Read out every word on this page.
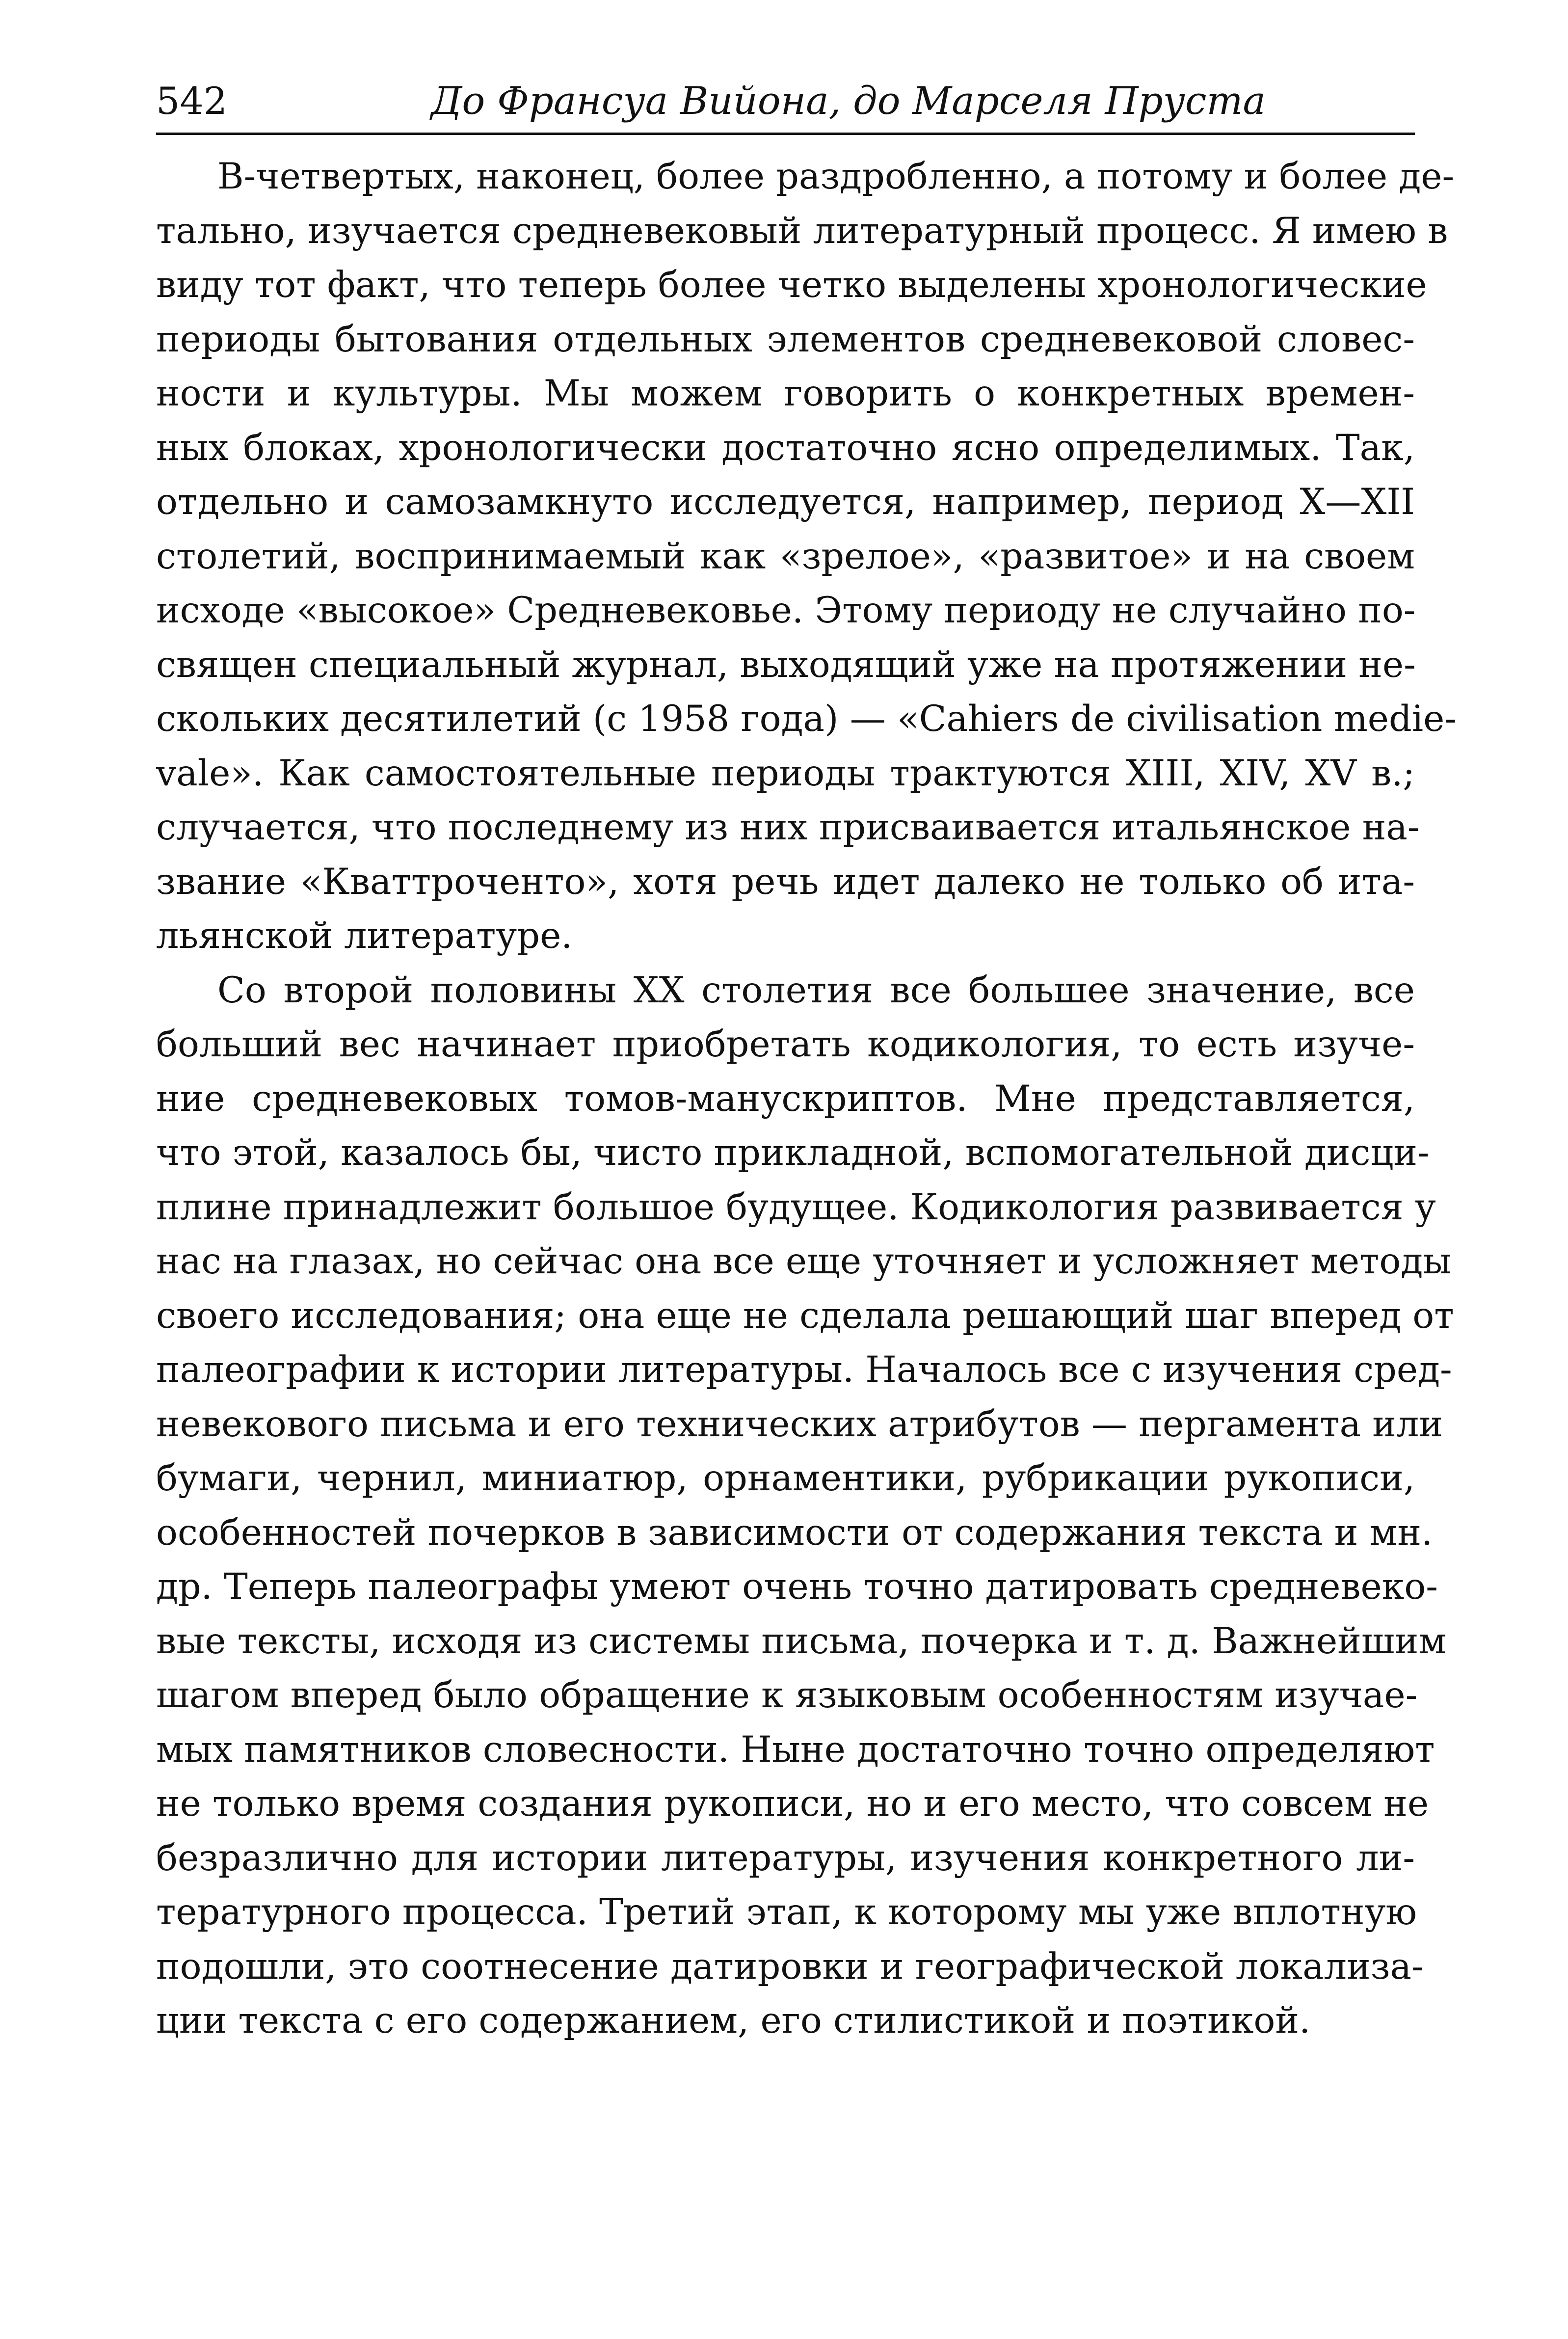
542	До Франсуа Вийона, до Марселя Пруста
В-четвертых, наконец, более раздробленно, а потому и более де-
тально, изучается средневековый литературный процесс. Я имею в
виду тот факт, что теперь более четко выделены хронологические
периоды бытования отдельных элементов средневековой словес-
ности и культуры. Мы можем говорить о конкретных времен-
ных блоках, хронологически достаточно ясно определимых. Так,
отдельно и самозамкнуто исследуется, например, период X—XII
столетий, воспринимаемый как «зрелое», «развитое» и на своем
исходе «высокое» Средневековье. Этому периоду не случайно по-
священ специальный журнал, выходящий уже на протяжении не-
скольких десятилетий (с 1958 года) — «Cahiers de civilisation medie-
vale». Как самостоятельные периоды трактуются XIII, XIV, XV в.;
случается, что последнему из них присваивается итальянское на-
звание «Кваттроченто», хотя речь идет далеко не только об ита-
льянской литературе.
Со второй половины XX столетия все большее значение, все
больший вес начинает приобретать кодикология, то есть изуче-
ние средневековых томов-манускриптов. Мне представляется,
что этой, казалось бы, чисто прикладной, вспомогательной дисци-
плине принадлежит большое будущее. Кодикология развивается у
нас на глазах, но сейчас она все еще уточняет и усложняет методы
своего исследования; она еще не сделала решающий шаг вперед от
палеографии к истории литературы. Началось все с изучения сред-
невекового письма и его технических атрибутов — пергамента или
бумаги, чернил, миниатюр, орнаментики, рубрикации рукописи,
особенностей почерков в зависимости от содержания текста и мн.
др. Теперь палеографы умеют очень точно датировать средневеко-
вые тексты, исходя из системы письма, почерка и т. д. Важнейшим
шагом вперед было обращение к языковым особенностям изучае-
мых памятников словесности. Ныне достаточно точно определяют
не только время создания рукописи, но и его место, что совсем не
безразлично для истории литературы, изучения конкретного ли-
тературного процесса. Третий этап, к которому мы уже вплотную
подошли, это соотнесение датировки и географической локализа-
ции текста с его содержанием, его стилистикой и поэтикой.
